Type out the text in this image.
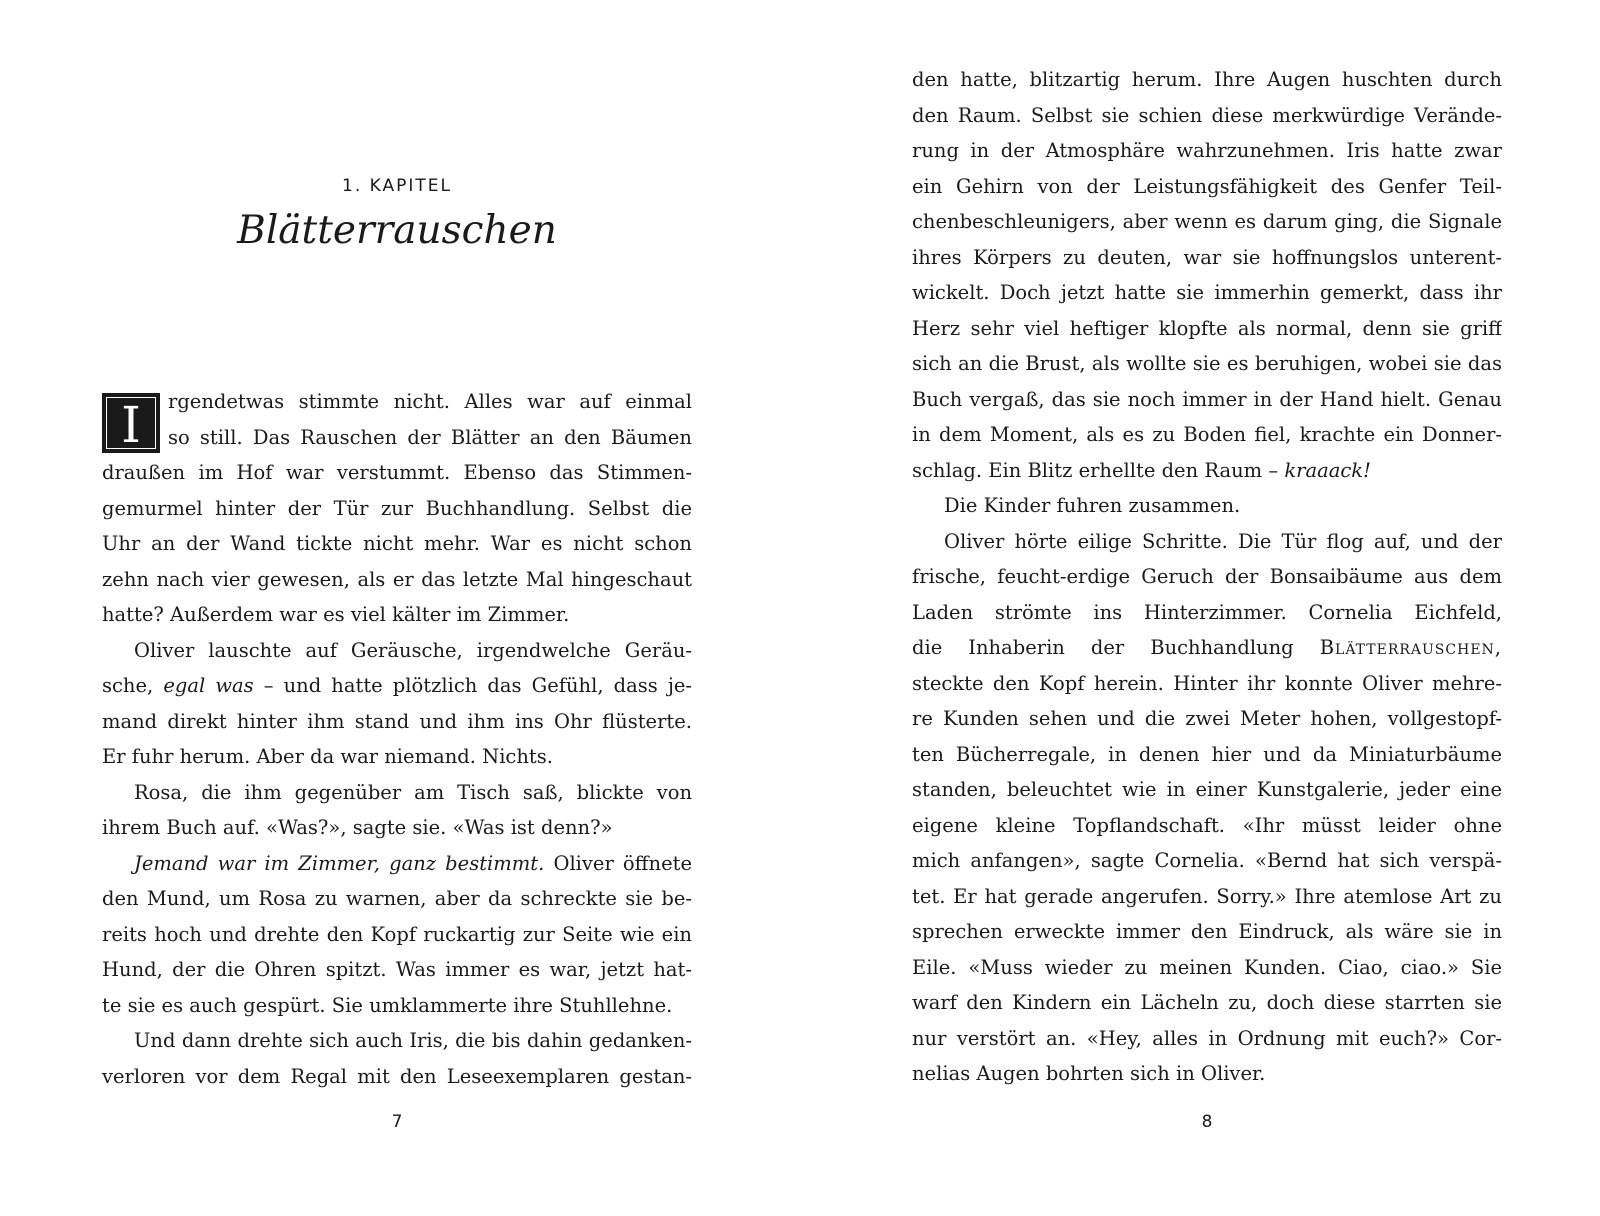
1. KAPITEL
Blätterrauschen
I	rgendetwas stimmte nicht. Alles war auf einmal
so still. Das Rauschen der Blätter an den Bäumen
draußen im Hof war verstummt. Ebenso das Stimmen-
gemurmel hinter der Tür zur Buchhandlung. Selbst die
Uhr an der Wand tickte nicht mehr. War es nicht schon
zehn nach vier gewesen, als er das letzte Mal hingeschaut
hatte? Außerdem war es viel kälter im Zimmer.
Oliver lauschte auf Geräusche, irgendwelche Geräu-
sche, egal was – und hatte plötzlich das Gefühl, dass je-
mand direkt hinter ihm stand und ihm ins Ohr flüsterte.
Er fuhr herum. Aber da war niemand. Nichts.
Rosa, die ihm gegenüber am Tisch saß, blickte von
ihrem Buch auf. «Was?», sagte sie. «Was ist denn?»
Jemand war im Zimmer, ganz bestimmt. Oliver öffnete
den Mund, um Rosa zu warnen, aber da schreckte sie be-
reits hoch und drehte den Kopf ruckartig zur Seite wie ein
Hund, der die Ohren spitzt. Was immer es war, jetzt hat-
te sie es auch gespürt. Sie umklammerte ihre Stuhllehne.
Und dann drehte sich auch Iris, die bis dahin gedanken-
verloren vor dem Regal mit den Leseexemplaren gestan-
7
den hatte, blitzartig herum. Ihre Augen huschten durch
den Raum. Selbst sie schien diese merkwürdige Verände-
rung in der Atmosphäre wahrzunehmen. Iris hatte zwar
ein Gehirn von der Leistungsfähigkeit des Genfer Teil-
chenbeschleunigers, aber wenn es darum ging, die Signale
ihres Körpers zu deuten, war sie hoffnungslos unterent-
wickelt. Doch jetzt hatte sie immerhin gemerkt, dass ihr
Herz sehr viel heftiger klopfte als normal, denn sie griff
sich an die Brust, als wollte sie es beruhigen, wobei sie das
Buch vergaß, das sie noch immer in der Hand hielt. Genau
in dem Moment, als es zu Boden fiel, krachte ein Donner-
schlag. Ein Blitz erhellte den Raum – kraaack!
Die Kinder fuhren zusammen.
Oliver hörte eilige Schritte. Die Tür flog auf, und der
frische, feucht-erdige Geruch der Bonsaibäume aus dem
Laden strömte ins Hinterzimmer. Cornelia Eichfeld,
die Inhaberin der Buchhandlung Blätterrauschen,
steckte den Kopf herein. Hinter ihr konnte Oliver mehre-
re Kunden sehen und die zwei Meter hohen, vollgestopf-
ten Bücherregale, in denen hier und da Miniaturbäume
standen, beleuchtet wie in einer Kunstgalerie, jeder eine
eigene kleine Topflandschaft. «Ihr müsst leider ohne
mich anfangen», sagte Cornelia. «Bernd hat sich verspä-
tet. Er hat gerade angerufen. Sorry.» Ihre atemlose Art zu
sprechen erweckte immer den Eindruck, als wäre sie in
Eile. «Muss wieder zu meinen Kunden. Ciao, ciao.» Sie
warf den Kindern ein Lächeln zu, doch diese starrten sie
nur verstört an. «Hey, alles in Ordnung mit euch?» Cor-
nelias Augen bohrten sich in Oliver.
8
